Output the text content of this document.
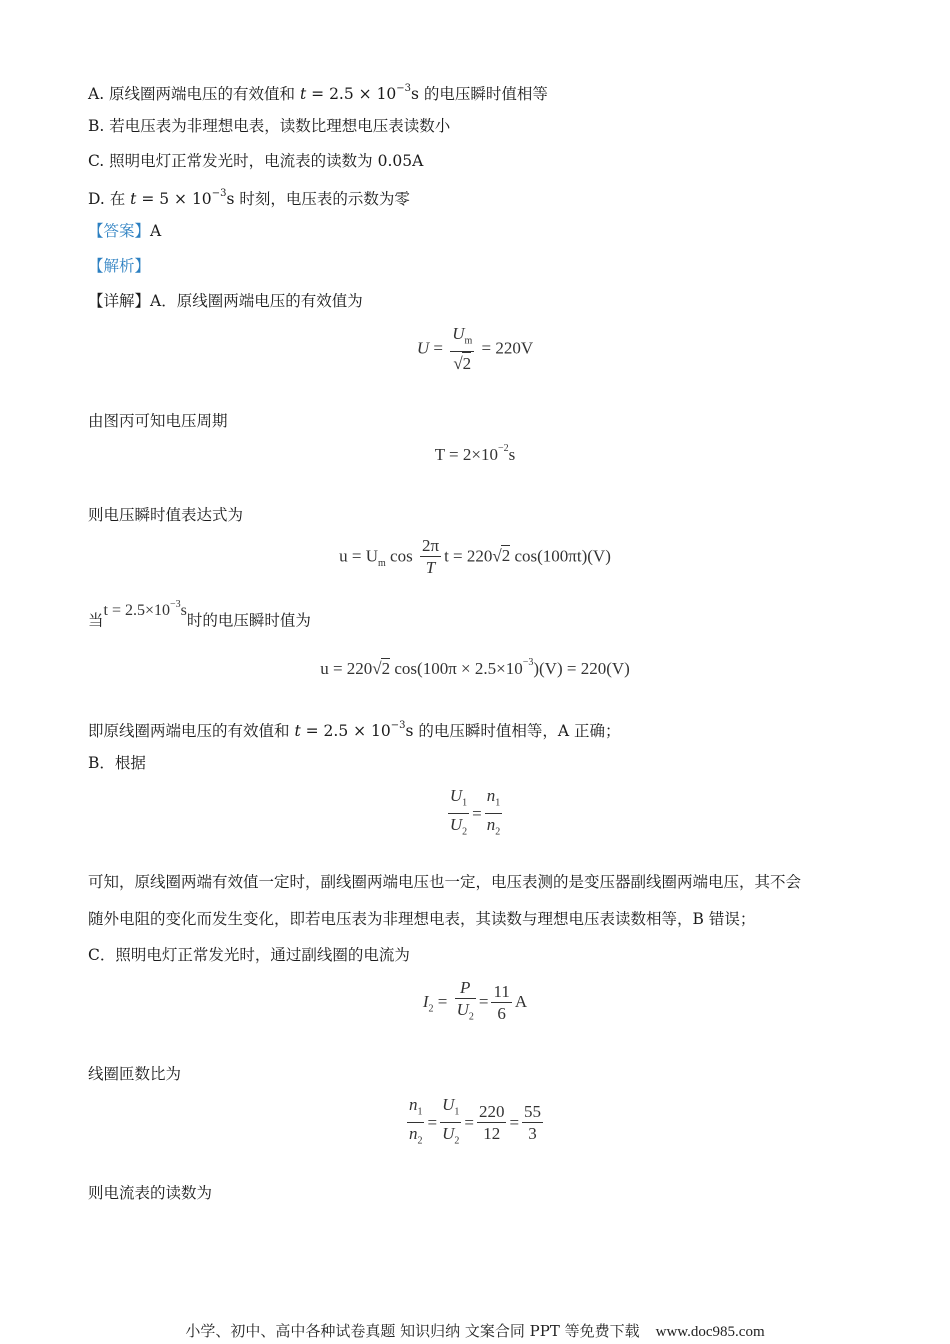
A. 原线圈两端电压的有效值和 $t = 2.5 \times 10^{-3}s$ 的电压瞬时值相等
B. 若电压表为非理想电表，读数比理想电压表读数小
C. 照明电灯正常发光时，电流表的读数为 0.05A
D. 在 $t = 5 \times 10^{-3}s$ 时刻，电压表的示数为零
【答案】A
【解析】
【详解】A．原线圈两端电压的有效值为
$U = \frac{U_m}{√2} = 220V$
由图丙可知电压周期
$T = 2\times 10^{-2}s$
则电压瞬时值表达式为
$u = U_m$ $\cos \frac{2\pi}{T}$ t = 220√2 cos(100πt)(V)
当$t = 2.5\times 10^{-3}s$时的电压瞬时值为
u = 220√2 $\cos(100\pi \times 2.5\times 10^{-3})(V) = 220(V)$
即原线圈两端电压的有效值和 $t = 2.5 \times 10^{-3}s$ 的电压瞬时值相等，A 正确；
B．根据
$\frac{U_1}{U_2} = \frac{n_1}{n_2}$
可知，原线圈两端有效值一定时，副线圈两端电压也一定，电压表测的是变压器副线圈两端电压，其不会
随外电阻的变化而发生变化，即若电压表为非理想电表，其读数与理想电压表读数相等，B 错误；
C．照明电灯正常发光时，通过副线圈的电流为
$I_2 = \frac{P}{U_2} = \frac{11}{6}$ A
线圈匝数比为
$\frac{n_1}{n_2} = \frac{U_1}{U_2} = \frac{220}{12} = \frac{55}{3}$
则电流表的读数为
小学、初中、高中各种试卷真题 知识归纳 文案合同 PPT 等免费下载 www.doc985.com
